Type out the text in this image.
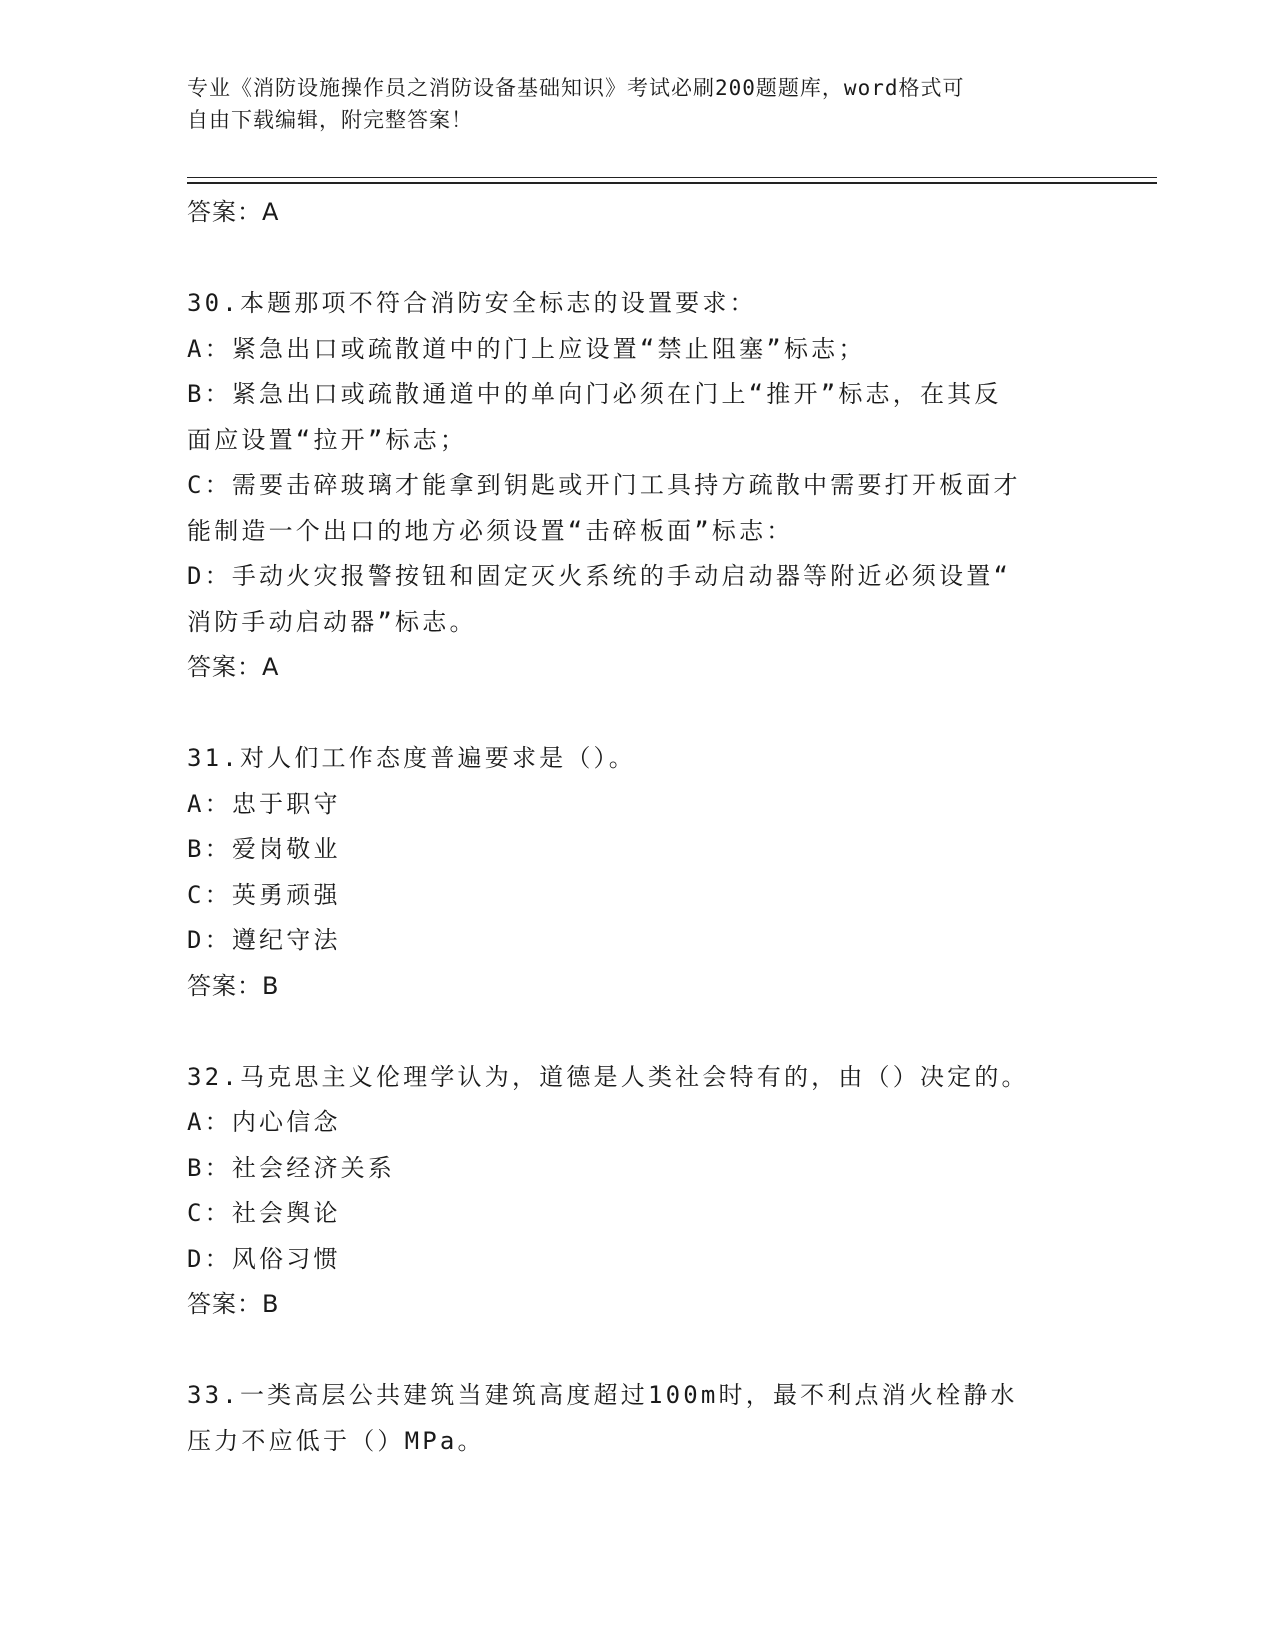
专业《消防设施操作员之消防设备基础知识》考试必刷200题题库，word格式可
自由下载编辑，附完整答案！
答案：A
30.本题那项不符合消防安全标志的设置要求：
A：紧急出口或疏散道中的门上应设置“禁止阻塞”标志；
B：紧急出口或疏散通道中的单向门必须在门上“推开”标志，在其反
面应设置“拉开”标志；
C：需要击碎玻璃才能拿到钥匙或开门工具持方疏散中需要打开板面才
能制造一个出口的地方必须设置“击碎板面”标志：
D：手动火灾报警按钮和固定灭火系统的手动启动器等附近必须设置“
消防手动启动器”标志。
答案：A
31.对人们工作态度普遍要求是（）。
A：忠于职守
B：爱岗敬业
C：英勇顽强
D：遵纪守法
答案：B
32.马克思主义伦理学认为，道德是人类社会特有的，由（）决定的。
A：内心信念
B：社会经济关系
C：社会舆论
D：风俗习惯
答案：B
33.一类高层公共建筑当建筑高度超过100m时，最不利点消火栓静水
压力不应低于（）MPa。
